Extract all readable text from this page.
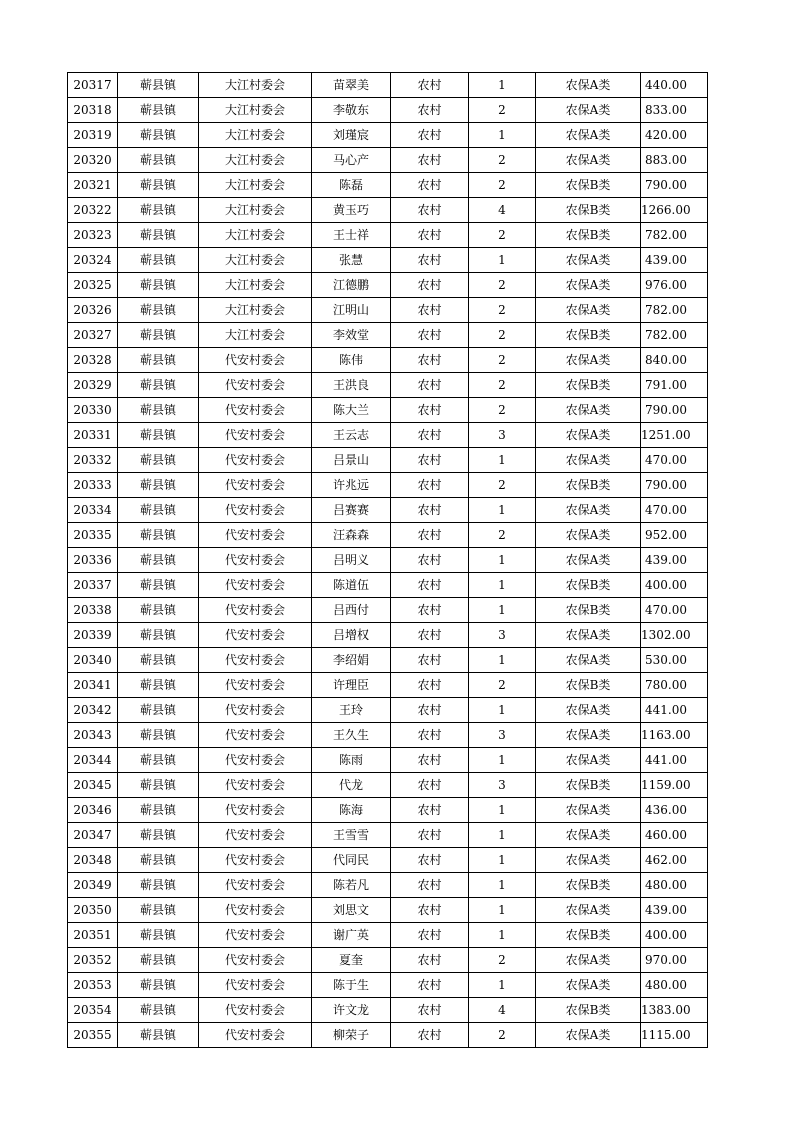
20317	蕲县镇	大江村委会	苗翠美	农村	1	农保A类	440.00
20318	蕲县镇	大江村委会	李敬东	农村	2	农保A类	833.00
20319	蕲县镇	大江村委会	刘瑾宸	农村	1	农保A类	420.00
20320	蕲县镇	大江村委会	马心产	农村	2	农保A类	883.00
20321	蕲县镇	大江村委会	陈磊	农村	2	农保B类	790.00
20322	蕲县镇	大江村委会	黄玉巧	农村	4	农保B类	1266.00
20323	蕲县镇	大江村委会	王士祥	农村	2	农保B类	782.00
20324	蕲县镇	大江村委会	张慧	农村	1	农保A类	439.00
20325	蕲县镇	大江村委会	江德鹏	农村	2	农保A类	976.00
20326	蕲县镇	大江村委会	江明山	农村	2	农保A类	782.00
20327	蕲县镇	大江村委会	李效堂	农村	2	农保B类	782.00
20328	蕲县镇	代安村委会	陈伟	农村	2	农保A类	840.00
20329	蕲县镇	代安村委会	王洪良	农村	2	农保B类	791.00
20330	蕲县镇	代安村委会	陈大兰	农村	2	农保A类	790.00
20331	蕲县镇	代安村委会	王云志	农村	3	农保A类	1251.00
20332	蕲县镇	代安村委会	吕景山	农村	1	农保A类	470.00
20333	蕲县镇	代安村委会	许兆远	农村	2	农保B类	790.00
20334	蕲县镇	代安村委会	吕赛赛	农村	1	农保A类	470.00
20335	蕲县镇	代安村委会	汪森森	农村	2	农保A类	952.00
20336	蕲县镇	代安村委会	吕明义	农村	1	农保A类	439.00
20337	蕲县镇	代安村委会	陈道伍	农村	1	农保B类	400.00
20338	蕲县镇	代安村委会	吕西付	农村	1	农保B类	470.00
20339	蕲县镇	代安村委会	吕增权	农村	3	农保A类	1302.00
20340	蕲县镇	代安村委会	李绍娟	农村	1	农保A类	530.00
20341	蕲县镇	代安村委会	许理臣	农村	2	农保B类	780.00
20342	蕲县镇	代安村委会	王玲	农村	1	农保A类	441.00
20343	蕲县镇	代安村委会	王久生	农村	3	农保A类	1163.00
20344	蕲县镇	代安村委会	陈雨	农村	1	农保A类	441.00
20345	蕲县镇	代安村委会	代龙	农村	3	农保B类	1159.00
20346	蕲县镇	代安村委会	陈海	农村	1	农保A类	436.00
20347	蕲县镇	代安村委会	王雪雪	农村	1	农保A类	460.00
20348	蕲县镇	代安村委会	代同民	农村	1	农保A类	462.00
20349	蕲县镇	代安村委会	陈若凡	农村	1	农保B类	480.00
20350	蕲县镇	代安村委会	刘思文	农村	1	农保A类	439.00
20351	蕲县镇	代安村委会	谢广英	农村	1	农保B类	400.00
20352	蕲县镇	代安村委会	夏奎	农村	2	农保A类	970.00
20353	蕲县镇	代安村委会	陈于生	农村	1	农保A类	480.00
20354	蕲县镇	代安村委会	许文龙	农村	4	农保B类	1383.00
20355	蕲县镇	代安村委会	柳荣子	农村	2	农保A类	1115.00
